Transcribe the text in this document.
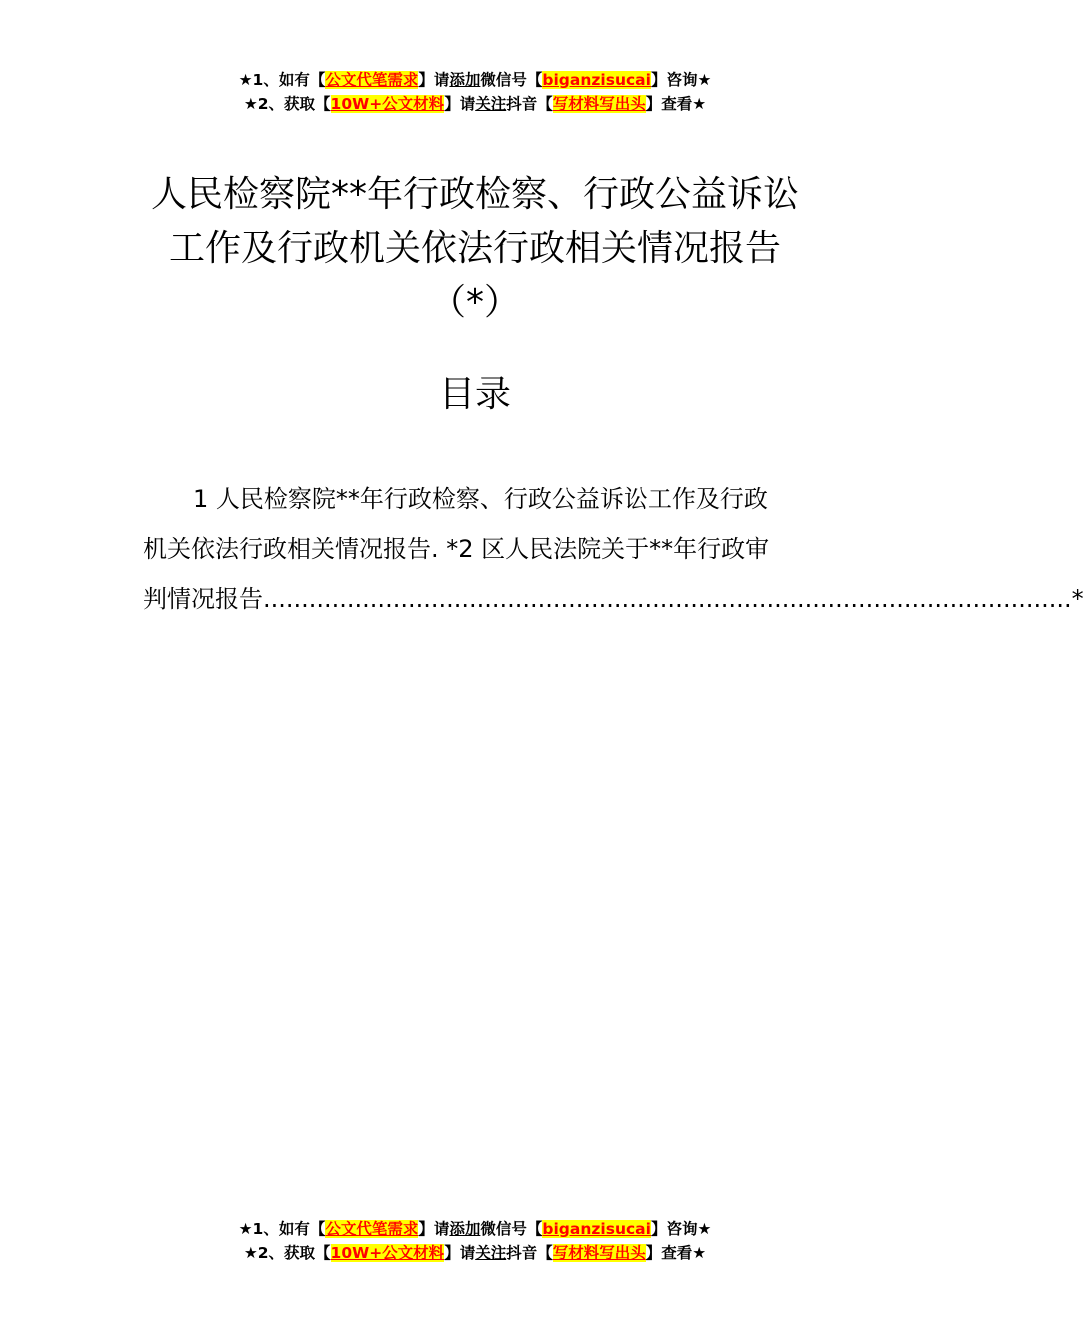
★1、如有【公文代笔需求】请添加微信号【biganzisucai】咨询★
★2、获取【10W+公文材料】请关注抖音【写材料写出头】查看★
人民检察院**年行政检察、行政公益诉讼
工作及行政机关依法行政相关情况报告
（*）
目录
1 人民检察院**年行政检察、行政公益诉讼工作及行政
机关依法行政相关情况报告. *2 区人民法院关于**年行政审
判情况报告 .......................................................................................................... *
★1、如有【公文代笔需求】请添加微信号【biganzisucai】咨询★
★2、获取【10W+公文材料】请关注抖音【写材料写出头】查看★
